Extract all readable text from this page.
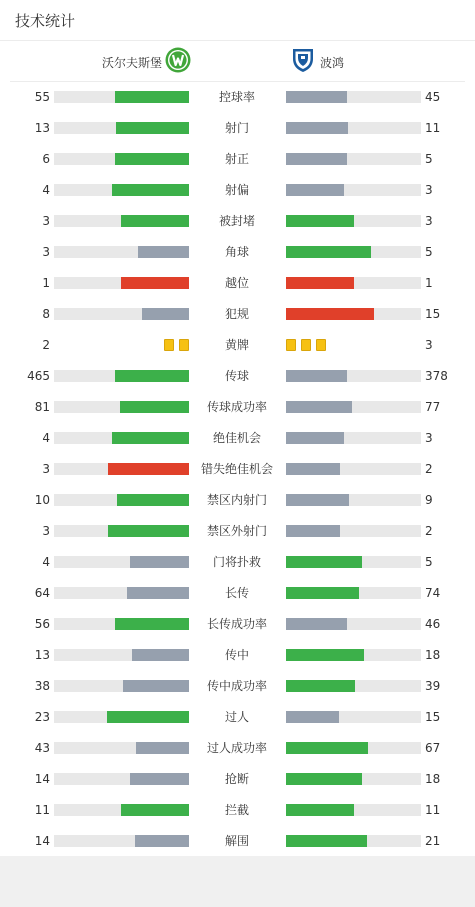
技术统计
沃尔夫斯堡	波鸿
55	控球率	45
13	射门	11
6	射正	5
4	射偏	3
3	被封堵	3
3	角球	5
1	越位	1
8	犯规	15
2	黄牌	3
465	传球	378
81	传球成功率	77
4	绝佳机会	3
3	错失绝佳机会	2
10	禁区内射门	9
3	禁区外射门	2
4	门将扑救	5
64	长传	74
56	长传成功率	46
13	传中	18
38	传中成功率	39
23	过人	15
43	过人成功率	67
14	抢断	18
11	拦截	11
14	解围	21
